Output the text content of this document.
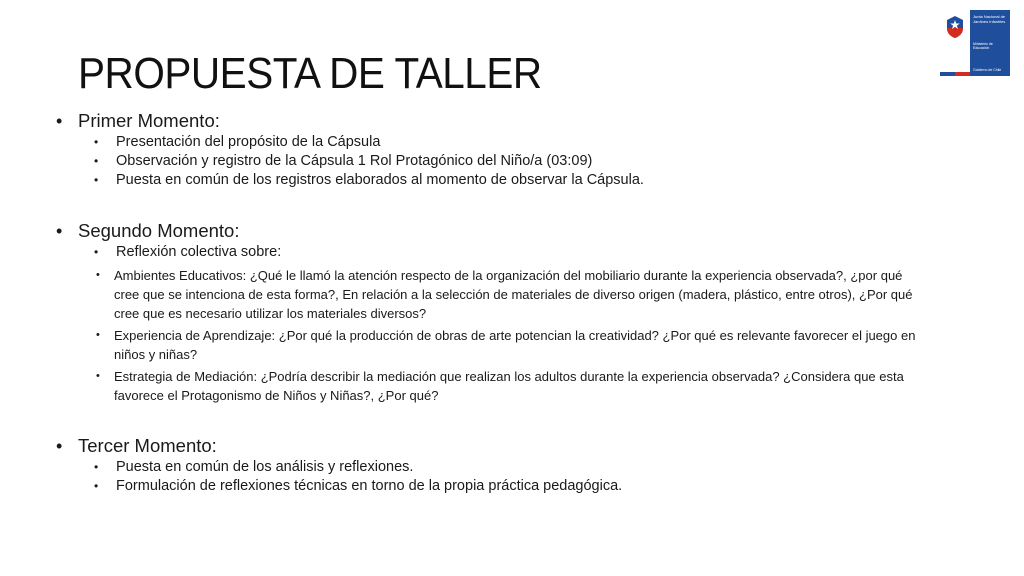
PROPUESTA DE TALLER
Junta Nacional de Jardines Infantiles
Ministerio de Educación
Gobierno de Chile
• Primer Momento:
•	Presentación del propósito de la Cápsula
•	Observación y registro de la Cápsula 1 Rol Protagónico del Niño/a (03:09)
•	Puesta en común de los registros elaborados al momento de observar la Cápsula.
• Segundo Momento:
•	Reflexión colectiva sobre:
•	Ambientes Educativos: ¿Qué le llamó la atención respecto de la organización del mobiliario durante la experiencia observada?, ¿por qué cree que se intenciona de esta forma?, En relación a la selección de materiales de diverso origen (madera, plástico, entre otros), ¿Por qué cree que es necesario utilizar los materiales diversos?
•	Experiencia de Aprendizaje: ¿Por qué la producción de obras de arte potencian la creatividad? ¿Por qué es relevante favorecer el juego en niños y niñas?
•	Estrategia de Mediación: ¿Podría describir la mediación que realizan los adultos durante la experiencia observada? ¿Considera que esta favorece el Protagonismo de Niños y Niñas?, ¿Por qué?
• Tercer Momento:
•	Puesta en común de los análisis y reflexiones.
•	Formulación de reflexiones técnicas en torno de la propia práctica pedagógica.
